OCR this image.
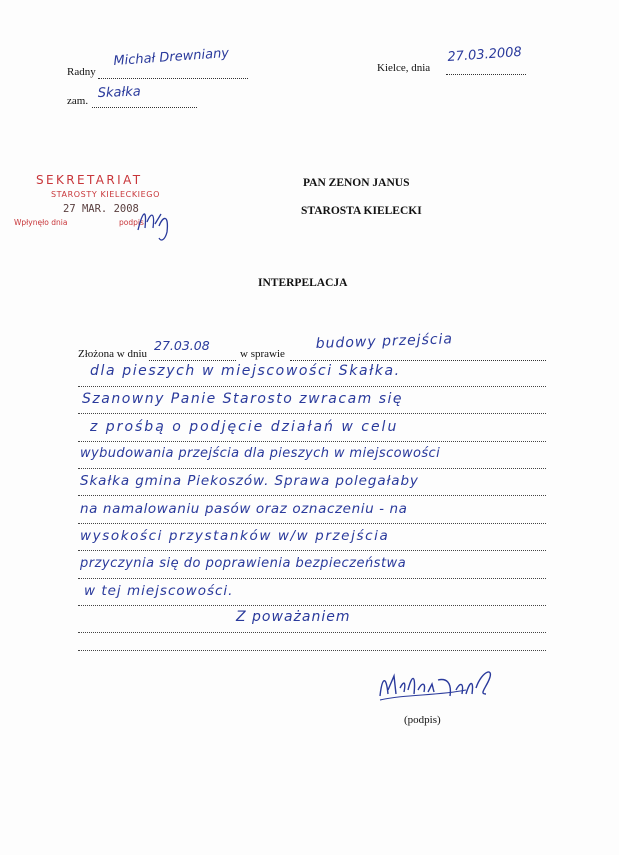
Radny
Michał Drewniany
zam. Skałka
Kielce, dnia
27.03.2008
SEKRETARIAT
STAROSTY KIELECKIEGO
27 MAR. 2008
Wpłynęło dnia	podpis
PAN ZENON JANUS
STAROSTA KIELECKI
INTERPELACJA
Złożona w dniu
27.03.08
w sprawie
budowy przejścia
dla pieszych w miejscowości Skałka.
Szanowny Panie Starosto zwracam się
z prośbą o podjęcie działań w celu
wybudowania przejścia dla pieszych w miejscowości
Skałka gmina Piekoszów. Sprawa polegałaby
na namalowaniu pasów oraz oznaczeniu - na
wysokości przystanków w/w przejścia
przyczynia się do poprawienia bezpieczeństwa
w tej miejscowości.
Z poważaniem
(podpis)
